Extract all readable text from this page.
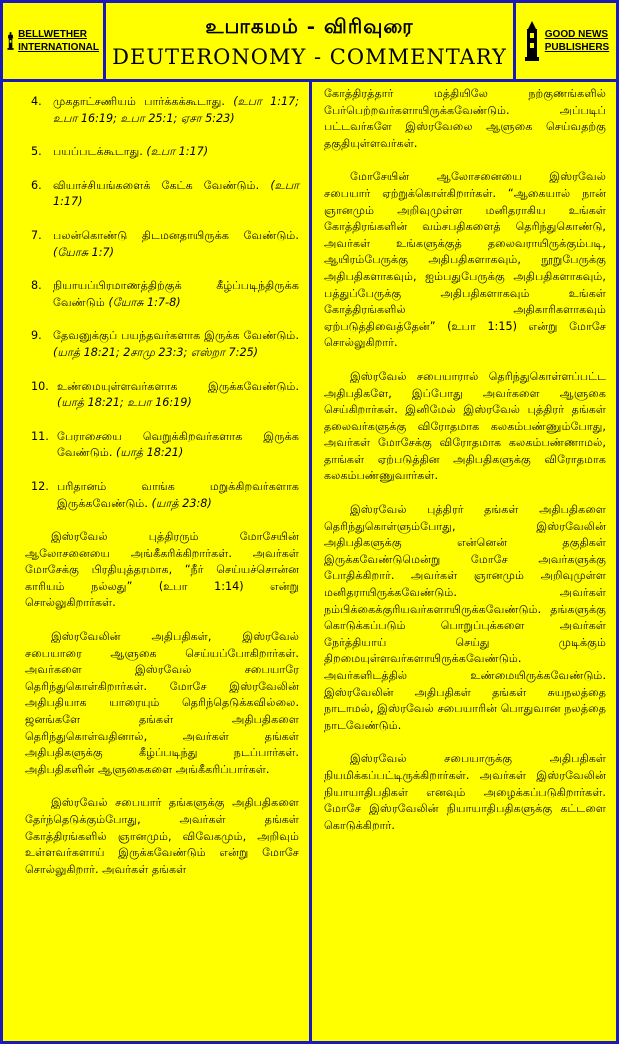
BELLWETHER
INTERNATIONAL
உபாகமம் - விரிவுரை
DEUTERONOMY - COMMENTARY
GOOD NEWS
PUBLISHERS
4.	முகதாட்சணியம் பார்க்கக்கூடாது. (உபா 1:17; உபா 16:19; உபா 25:1; ஏசா 5:23)
5.	பயப்படக்கூடாது. (உபா 1:17)
6.	வியாச்சியங்களைக் கேட்க வேண்டும். (உபா 1:17)
7.	பலன்கொண்டு திடமனதாயிருக்க வேண்டும். (யோசு 1:7)
8.	நியாயப்பிரமாணத்திற்குக் கீழ்ப்படிந்திருக்க வேண்டும் (யோசு 1:7-8)
9.	தேவனுக்குப் பயந்தவர்களாக இருக்க வேண்டும். (யாத் 18:21; 2சாமு 23:3; எஸ்றா 7:25)
10. உண்மையுள்ளவர்களாக இருக்கவேண்டும். (யாத் 18:21; உபா 16:19)
11. பேராசையை வெறுக்கிறவர்களாக இருக்க வேண்டும். (யாத் 18:21)
12. பரிதானம் வாங்க மறுக்கிறவர்களாக இருக்கவேண்டும். (யாத் 23:8)

இஸ்ரவேல் புத்திரரும் மோசேயின் ஆலோசனையை அங்கீகரிக்கிறார்கள். அவர்கள் மோசேக்கு பிரதியுத்தரமாக, “நீர் செய்யச்சொன்ன காரியம் நல்லது” (உபா 1:14) என்று சொல்லுகிறார்கள்.

இஸ்ரவேலின் அதிபதிகள், இஸ்ரவேல் சபையாரை ஆளுகை செய்யப்போகிறார்கள். அவர்களை இஸ்ரவேல் சபையாரே தெரிந்துகொள்கிறார்கள். மோசே இஸ்ரவேலின் அதிபதியாக யாரையும் தெரிந்தெடுக்கவில்லை. ஜனங்களே தங்கள் அதிபதிகளை தெரிந்துகொள்வதினால், அவர்கள் தங்கள் அதிபதிகளுக்கு கீழ்ப்படிந்து நடப்பார்கள். அதிபதிகளின் ஆளுகைகளை அங்கீகரிப்பார்கள்.

இஸ்ரவேல் சபையார் தங்களுக்கு அதிபதிகளை தேர்ந்தெடுக்கும்போது, அவர்கள் தங்கள் கோத்திரங்களில் ஞானமும், விவேகமும், அறிவும் உள்ளவர்களாய் இருக்கவேண்டும் என்று மோசே சொல்லுகிறார். அவர்கள் தங்கள்

கோத்திரத்தார் மத்தியிலே நற்குணங்களில் பேர்பெற்றவர்களாயிருக்கவேண்டும். அப்படிப் பட்டவர்களே இஸ்ரவேலை ஆளுகை செய்வதற்கு தகுதியுள்ளவர்கள்.

மோசேயின் ஆலோசனையை இஸ்ரவேல் சபையார் ஏற்றுக்கொள்கிறார்கள். “ஆகையால் நான் ஞானமும் அறிவுமுள்ள மனிதராகிய உங்கள் கோத்திரங்களின் வம்சபதிகளைத் தெரிந்துகொண்டு, அவர்கள் உங்களுக்குத் தலைவராயிருக்கும்படி, ஆயிரம்பேருக்கு அதிபதிகளாகவும், நூறுபேருக்கு அதிபதிகளாகவும், ஐம்பதுபேருக்கு அதிபதிகளாகவும், பத்துப்பேருக்கு அதிபதிகளாகவும் உங்கள் கோத்திரங்களில் அதிகாரிகளாகவும் ஏற்படுத்திவைத்தேன்” (உபா 1:15) என்று மோசே சொல்லுகிறார்.

இஸ்ரவேல் சபையாரால் தெரிந்துகொள்ளப்பட்ட அதிபதிகளே, இப்போது அவர்களை ஆளுகை செய்கிறார்கள். இனிமேல் இஸ்ரவேல் புத்திரர் தங்கள் தலைவர்களுக்கு விரோதமாக கலகம்பண்ணும்போது, அவர்கள் மோசேக்கு விரோதமாக கலகம்பண்ணாமல், தாங்கள் ஏற்படுத்தின அதிபதிகளுக்கு விரோதமாக கலகம்பண்ணுவார்கள்.

இஸ்ரவேல் புத்திரர் தங்கள் அதிபதிகளை தெரிந்துகொள்ளும்போது, இஸ்ரவேலின் அதிபதிகளுக்கு என்னென் தகுதிகள் இருக்கவேண்டுமென்று மோசே அவர்களுக்கு போதிக்கிறார். அவர்கள் ஞானமும் அறிவுமுள்ள மனிதராயிருக்கவேண்டும். அவர்கள் நம்பிக்கைக்குரியவர்களாயிருக்கவேண்டும். தங்களுக்கு கொடுக்கப்படும் பொறுப்புக்களை அவர்கள் நேர்த்தியாய் செய்து முடிக்கும் திறமையுள்ளவர்களாயிருக்கவேண்டும். அவர்களிடத்தில் உண்மையிருக்கவேண்டும். இஸ்ரவேலின் அதிபதிகள் தங்கள் சுயநலத்தை நாடாமல், இஸ்ரவேல் சபையாரின் பொதுவான நலத்தை நாடவேண்டும்.

இஸ்ரவேல் சபையாருக்கு அதிபதிகள் நியமிக்கப்பட்டிருக்கிறார்கள். அவர்கள் இஸ்ரவேலின் நியாயாதிபதிகள் எனவும் அழைக்கப்படுகிறார்கள். மோசே இஸ்ரவேலின் நியாயாதிபதிகளுக்கு கட்டளை கொடுக்கிறார்.
